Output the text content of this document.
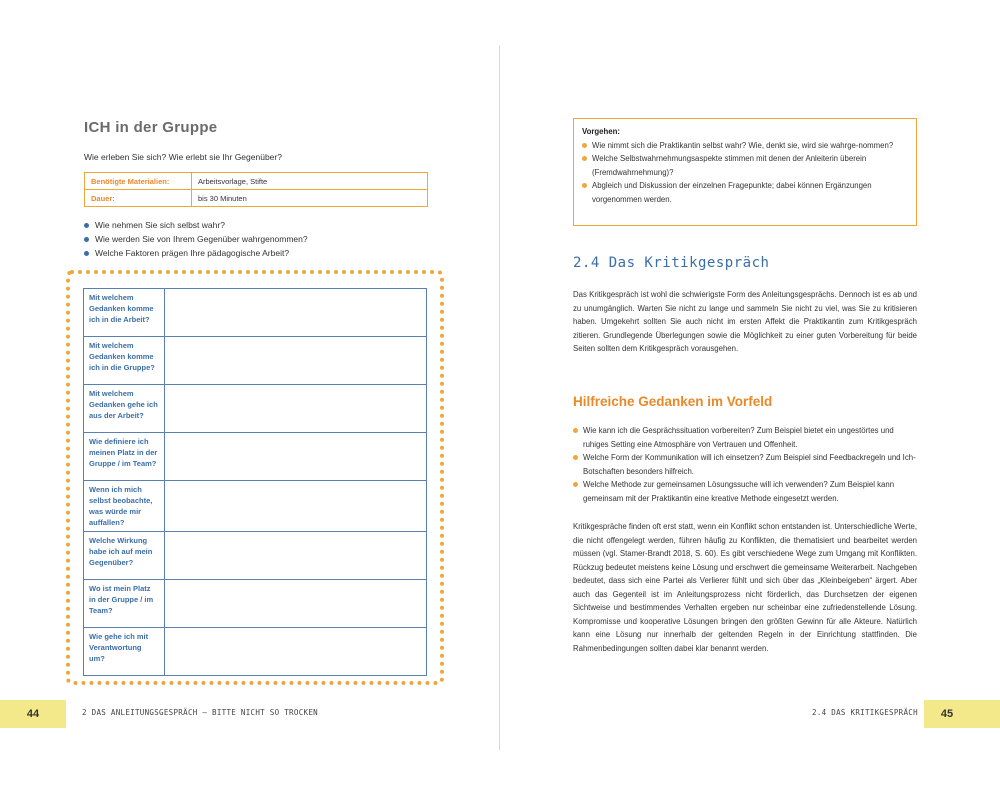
ICH in der Gruppe
Wie erleben Sie sich? Wie erlebt sie Ihr Gegenüber?
Benötigte Materialien:	Arbeitsvorlage, Stifte
Dauer:	bis 30 Minuten
Wie nehmen Sie sich selbst wahr?
Wie werden Sie von Ihrem Gegenüber wahrgenommen?
Welche Faktoren prägen Ihre pädagogische Arbeit?
Mit welchem Gedanken komme ich in die Arbeit?	
Mit welchem Gedanken komme ich in die Gruppe?	
Mit welchem Gedanken gehe ich aus der Arbeit?	
Wie definiere ich meinen Platz in der Gruppe / im Team?	
Wenn ich mich selbst beobachte, was würde mir auffallen?	
Welche Wirkung habe ich auf mein Gegenüber?	
Wo ist mein Platz in der Gruppe / im Team?	
Wie gehe ich mit Verantwortung um?	
44	2 DAS ANLEITUNGSGESPRÄCH – BITTE NICHT SO TROCKEN
Vorgehen:
Wie nimmt sich die Praktikantin selbst wahr? Wie, denkt sie, wird sie wahrge-nommen?
Welche Selbstwahrnehmungsaspekte stimmen mit denen der Anleiterin überein (Fremdwahrnehmung)?
Abgleich und Diskussion der einzelnen Fragepunkte; dabei können Ergänzungen vorgenommen werden.
2.4 Das Kritikgespräch
Das Kritikgespräch ist wohl die schwierigste Form des Anleitungsgesprächs. Dennoch ist es ab und zu unumgänglich. Warten Sie nicht zu lange und sammeln Sie nicht zu viel, was Sie zu kritisieren haben. Umgekehrt sollten Sie auch nicht im ersten Affekt die Praktikantin zum Kritikgespräch zitieren. Grundlegende Überlegungen sowie die Möglichkeit zu einer guten Vorbereitung für beide Seiten sollten dem Kritikgespräch vorausgehen.
Hilfreiche Gedanken im Vorfeld
Wie kann ich die Gesprächssituation vorbereiten? Zum Beispiel bietet ein ungestörtes und ruhiges Setting eine Atmosphäre von Vertrauen und Offenheit.
Welche Form der Kommunikation will ich einsetzen? Zum Beispiel sind Feedbackregeln und Ich-Botschaften besonders hilfreich.
Welche Methode zur gemeinsamen Lösungssuche will ich verwenden? Zum Beispiel kann gemeinsam mit der Praktikantin eine kreative Methode eingesetzt werden.
Kritikgespräche finden oft erst statt, wenn ein Konflikt schon entstanden ist. Unterschiedliche Werte, die nicht offengelegt werden, führen häufig zu Konflikten, die thematisiert und bearbeitet werden müssen (vgl. Stamer-Brandt 2018, S. 60). Es gibt verschiedene Wege zum Umgang mit Konflikten. Rückzug bedeutet meistens keine Lösung und erschwert die gemeinsame Weiterarbeit. Nachgeben bedeutet, dass sich eine Partei als Verlierer fühlt und sich über das „Kleinbeigeben“ ärgert. Aber auch das Gegenteil ist im Anleitungsprozess nicht förderlich, das Durchsetzen der eigenen Sichtweise und bestimmendes Verhalten ergeben nur scheinbar eine zufriedenstellende Lösung. Kompromisse und kooperative Lösungen bringen den größten Gewinn für alle Akteure. Natürlich kann eine Lösung nur innerhalb der geltenden Regeln in der Einrichtung stattfinden. Die Rahmenbedingungen sollten dabei klar benannt werden.
45
2.4 DAS KRITIKGESPRÄCH
